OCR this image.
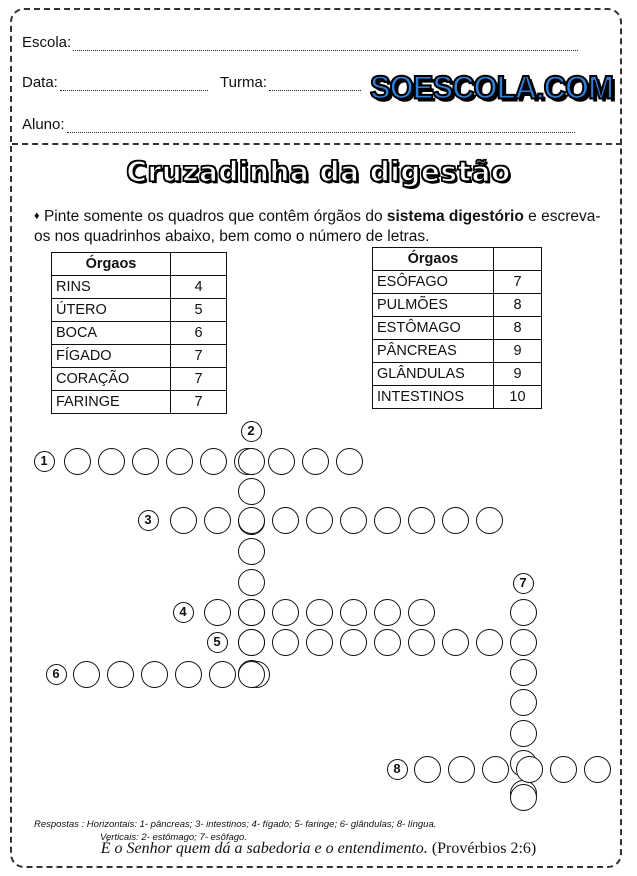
Escola:
Data:	Turma:	SOESCOLA.COM
Aluno:
Cruzadinha da digestão
♦ Pinte somente os quadros que contêm órgãos do sistema digestório e escreva-os nos quadrinhos abaixo, bem como o número de letras.
Órgaos	
RINS	4
ÚTERO	5
BOCA	6
FÍGADO	7
CORAÇÃO	7
FARINGE	7
Órgaos	
ESÔFAGO	7
PULMÕES	8
ESTÔMAGO	8
PÂNCREAS	9
GLÂNDULAS	9
INTESTINOS	10
1
2
3
4
5
6
7
8
Respostas : Horizontais: 1- pâncreas; 3- intestinos; 4- fígado; 5- faringe; 6- glândulas; 8- língua.
Verticais: 2- estômago; 7- esôfago.
É o Senhor quem dá a sabedoria e o entendimento. (Provérbios 2:6)
